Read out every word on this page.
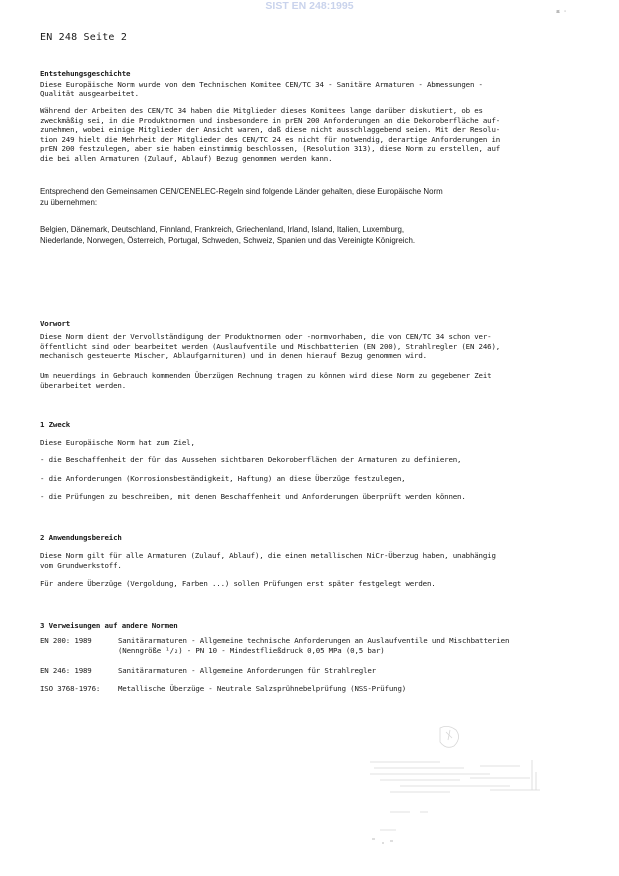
SIST EN 248:1995	≤ ·
EN 248 Seite 2
Entstehungsgeschichte
Diese Europäische Norm wurde von dem Technischen Komitee CEN/TC 34 - Sanitäre Armaturen - Abmessungen -
Qualität ausgearbeitet.
Während der Arbeiten des CEN/TC 34 haben die Mitglieder dieses Komitees lange darüber diskutiert, ob es
zweckmäßig sei, in die Produktnormen und insbesondere in prEN 200 Anforderungen an die Dekoroberfläche auf-
zunehmen, wobei einige Mitglieder der Ansicht waren, daß diese nicht ausschlaggebend seien. Mit der Resolu-
tion 249 hielt die Mehrheit der Mitglieder des CEN/TC 24 es nicht für notwendig, derartige Anforderungen in
prEN 200 festzulegen, aber sie haben einstimmig beschlossen, (Resolution 313), diese Norm zu erstellen, auf
die bei allen Armaturen (Zulauf, Ablauf) Bezug genommen werden kann.
Entsprechend den Gemeinsamen CEN/CENELEC-Regeln sind folgende Länder gehalten, diese Europäische Norm
zu übernehmen:
Belgien, Dänemark, Deutschland, Finnland, Frankreich, Griechenland, Irland, Island, Italien, Luxemburg,
Niederlande, Norwegen, Österreich, Portugal, Schweden, Schweiz, Spanien und das Vereinigte Königreich.
Vorwort
Diese Norm dient der Vervollständigung der Produktnormen oder -normvorhaben, die von CEN/TC 34 schon ver-
öffentlicht sind oder bearbeitet werden (Auslaufventile und Mischbatterien (EN 200), Strahlregler (EN 246),
mechanisch gesteuerte Mischer, Ablaufgarnituren) und in denen hierauf Bezug genommen wird.
Um neuerdings in Gebrauch kommenden Überzügen Rechnung tragen zu können wird diese Norm zu gegebener Zeit
überarbeitet werden.
1 Zweck
Diese Europäische Norm hat zum Ziel,
- die Beschaffenheit der für das Aussehen sichtbaren Dekoroberflächen der Armaturen zu definieren,
- die Anforderungen (Korrosionsbeständigkeit, Haftung) an diese Überzüge festzulegen,
- die Prüfungen zu beschreiben, mit denen Beschaffenheit und Anforderungen überprüft werden können.
2 Anwendungsbereich
Diese Norm gilt für alle Armaturen (Zulauf, Ablauf), die einen metallischen NiCr-Überzug haben, unabhängig
vom Grundwerkstoff.
Für andere Überzüge (Vergoldung, Farben ...) sollen Prüfungen erst später festgelegt werden.
3 Verweisungen auf andere Normen
EN 200: 1989	Sanitärarmaturen - Allgemeine technische Anforderungen an Auslaufventile und Mischbatterien
(Nenngröße ¹/₂) - PN 10 - Mindestfließdruck 0,05 MPa (0,5 bar)
EN 246: 1989	Sanitärarmaturen - Allgemeine Anforderungen für Strahlregler
ISO 3768-1976: Metallische Überzüge - Neutrale Salzsprühnebelprüfung (NSS-Prüfung)
